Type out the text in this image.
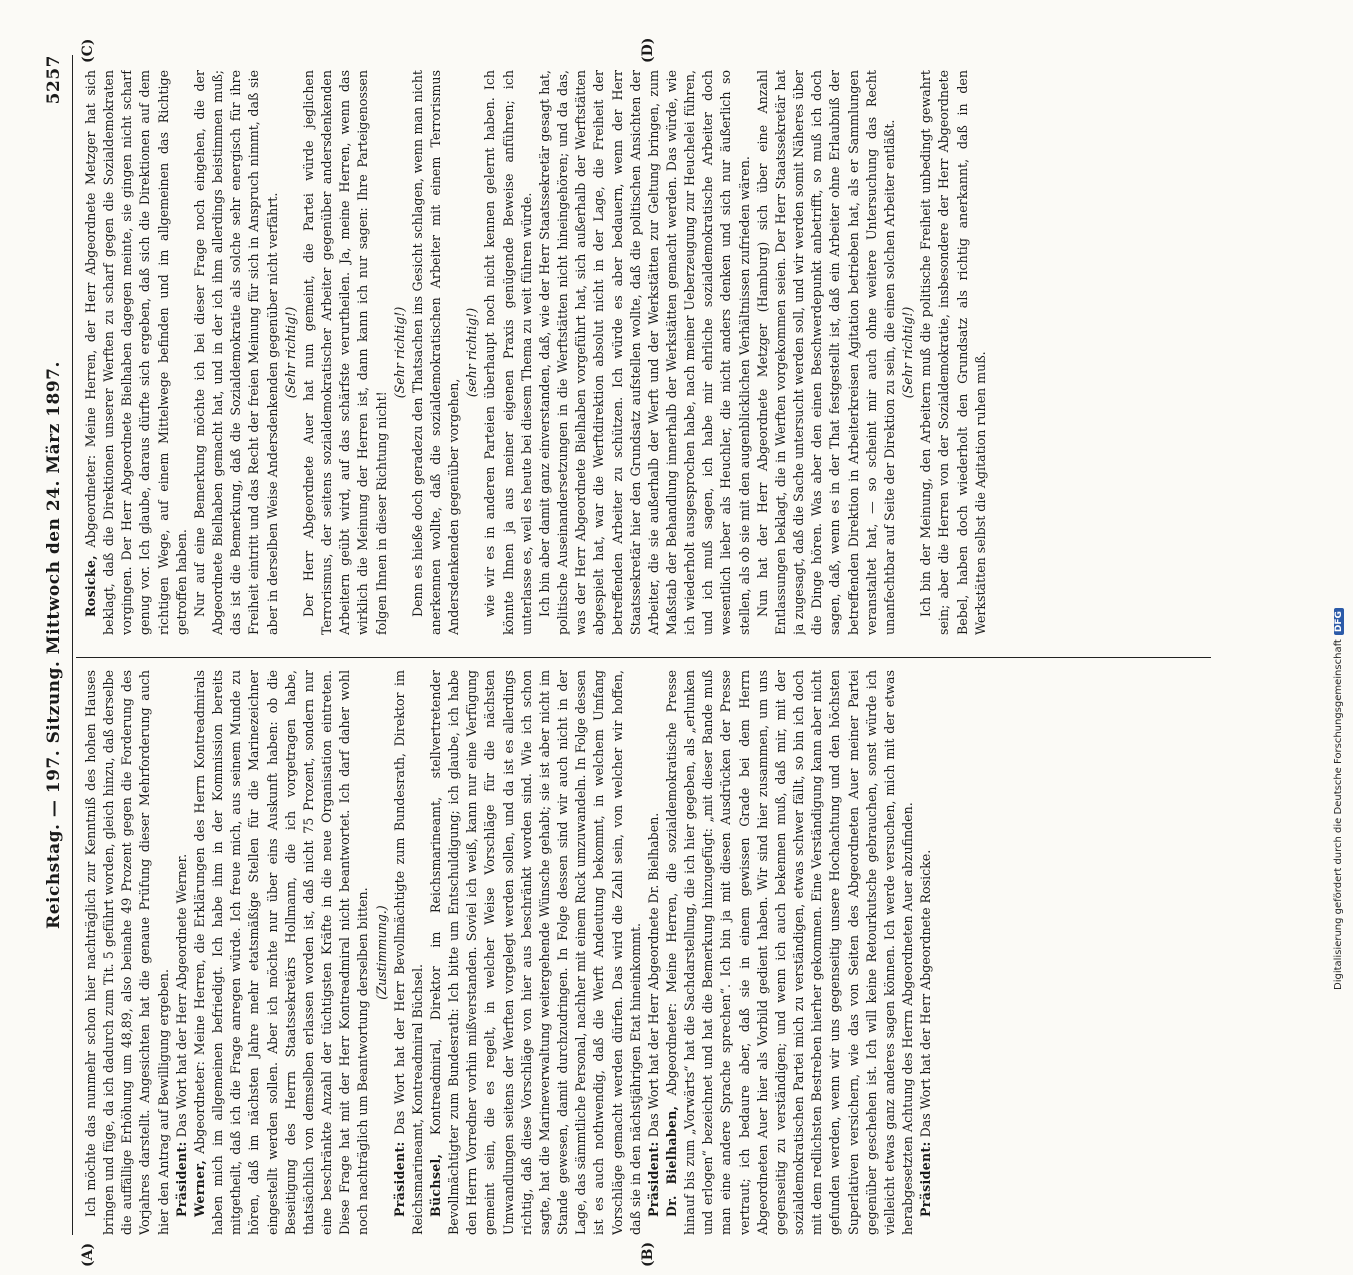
Reichstag. — 197. Sitzung. Mittwoch den 24. März 1897.
5257
(A)	(B)
(C)	(D)

Ich möchte das nunmehr schon hier nachträglich zur Kenntniß des hohen Hauses bringen und füge, da ich dadurch zum Tit. 5 geführt worden, gleich hinzu, daß derselbe die auffällige Erhöhung um 48,89, also beinahe 49 Prozent gegen die Forderung des Vorjahres darstellt. Angesichten hat die genaue Prüfung dieser Mehrforderung auch hier den Antrag auf Bewilligung ergeben. Präsident: Das Wort hat der Herr Abgeordnete Werner.

Werner, Abgeordneter: Meine Herren, die Erklärungen des Herrn Kontreadmirals haben mich im allgemeinen befriedigt. Ich habe ihm in der Kommission bereits mitgetheilt, daß ich die Frage anregen würde. Ich freue mich, aus seinem Munde zu hören, daß im nächsten Jahre mehr etatsmäßige Stellen für die Marinezeichner eingestellt werden sollen. Aber ich möchte nur über eins Auskunft haben: ob die Beseitigung des Herrn Staatssekretärs Hollmann, die ich vorgetragen habe, thatsächlich von demselben erlassen worden ist, daß nicht 75 Prozent, sondern nur eine beschränkte Anzahl der tüchtigsten Kräfte in die neue Organisation eintreten. Diese Frage hat mit der Herr Kontreadmiral nicht beantwortet. Ich darf daher wohl noch nachträglich um Beantwortung derselben bitten. (Zustimmung.)

Präsident: Das Wort hat der Herr Bevollmächtigte zum Bundesrath, Direktor im Reichsmarineamt, Kontreadmiral Büchsel. Büchsel, Kontreadmiral, Direktor im Reichsmarineamt, stellvertretender Bevollmächtigter zum Bundesrath: Ich bitte um Entschuldigung; ich glaube, ich habe den Herrn Vorredner vorhin mißverstanden. Soviel ich weiß, kann nur eine Verfügung gemeint sein, die es regelt, in welcher Weise Vorschläge für die nächsten Umwandlungen seitens der Werften vorgelegt werden sollen, und da ist es allerdings richtig, daß diese Vorschläge von hier aus beschränkt worden sind. Wie ich schon sagte, hat die Marineverwaltung weitergehende Wünsche gehabt; sie ist aber nicht im Stande gewesen, damit durchzudringen. In Folge dessen sind wir auch nicht in der Lage, das sämmtliche Personal, nachher mit einem Ruck umzuwandeln. In Folge dessen ist es auch nothwendig, daß die Werft Andeutung bekommt, in welchem Umfang Vorschläge gemacht werden dürfen. Das wird die Zahl sein, von welcher wir hoffen, daß sie in den nächstjährigen Etat hineinkommt. Präsident: Das Wort hat der Herr Abgeordnete Dr. Bielhaben.

Dr. Bielhaben, Abgeordneter: Meine Herren, die sozialdemokratische Presse hinauf bis zum „Vorwärts“ hat die Sachdarstellung, die ich hier gegeben, als „erlunken und erlogen“ bezeichnet und hat die Bemerkung hinzugefügt: „mit dieser Bande muß man eine andere Sprache sprechen“. Ich bin ja mit diesen Ausdrücken der Presse vertraut; ich bedaure aber, daß sie in einem gewissen Grade bei dem Herrn Abgeordneten Auer hier als Vorbild gedient haben. Wir sind hier zusammen, um uns gegenseitig zu verständigen; und wenn ich auch bekennen muß, daß mir, mit der sozialdemokratischen Partei mich zu verständigen, etwas schwer fällt, so bin ich doch mit dem redlichsten Bestreben hierher gekommen. Eine Verständigung kann aber nicht gefunden werden, wenn wir uns gegenseitig unsere Hochachtung und den höchsten Superlativen versichern, wie das von Seiten des Abgeordneten Auer meiner Partei gegenüber geschehen ist. Ich will keine Retourkutsche gebrauchen, sonst würde ich vielleicht etwas ganz anderes sagen können. Ich werde versuchen, mich mit der etwas herabgesetzten Achtung des Herrn Abgeordneten Auer abzufinden. Präsident: Das Wort hat der Herr Abgeordnete Rosicke.

Rosicke, Abgeordneter: Meine Herren, der Herr Abgeordnete Metzger hat sich beklagt, daß die Direktionen unserer Werften zu scharf gegen die Sozialdemokraten vorgingen. Der Herr Abgeordnete Bielhaben dagegen meinte, sie gingen nicht scharf genug vor. Ich glaube, daraus dürfte sich ergeben, daß sich die Direktionen auf dem richtigen Wege, auf einem Mittelwege befinden und im allgemeinen das Richtige getroffen haben. Nur auf eine Bemerkung möchte ich bei dieser Frage noch eingehen, die der Abgeordnete Bielhaben gemacht hat, und in der ich ihm allerdings beistimmen muß; das ist die Bemerkung, daß die Sozialdemokratie als solche sehr energisch für ihre Freiheit eintritt und das Recht der freien Meinung für sich in Anspruch nimmt, daß sie aber in derselben Weise Andersdenkenden gegenüber nicht verfährt. (Sehr richtig!) Der Herr Abgeordnete Auer hat nun gemeint, die Partei würde jeglichen Terrorismus, der seitens sozialdemokratischer Arbeiter gegenüber andersdenkenden Arbeitern geübt wird, auf das schärfste verurtheilen. Ja, meine Herren, wenn das wirklich die Meinung der Herren ist, dann kann ich nur sagen: Ihre Parteigenossen folgen Ihnen in dieser Richtung nicht!

(Sehr richtig!) Denn es hieße doch geradezu den Thatsachen ins Gesicht schlagen, wenn man nicht anerkennen wollte, daß die sozialdemokratischen Arbeiter mit einem Terrorismus Andersdenkenden gegenüber vorgehen,

(sehr richtig!) wie wir es in anderen Parteien überhaupt noch nicht kennen gelernt haben. Ich könnte Ihnen ja aus meiner eigenen Praxis genügende Beweise anführen; ich unterlasse es, weil es heute bei diesem Thema zu weit führen würde. Ich bin aber damit ganz einverstanden, daß, wie der Herr Staatssekretär gesagt hat, politische Auseinandersetzungen in die Werftstätten nicht hineingehören; und da das, was der Herr Abgeordnete Bielhaben vorgeführt hat, sich außerhalb der Werftstätten abgespielt hat, war die Werftdirektion absolut nicht in der Lage, die Freiheit der betreffenden Arbeiter zu schützen. Ich würde es aber bedauern, wenn der Herr Staatssekretär hier den Grundsatz aufstellen wollte, daß die politischen Ansichten der Arbeiter, die sie außerhalb der Werft und der Werkstätten zur Geltung bringen, zum Maßstab der Behandlung innerhalb der Werkstätten gemacht werden. Das würde, wie ich wiederholt ausgesprochen habe, nach meiner Ueberzeugung zur Heuchelei führen, und ich muß sagen, ich habe mir ehrliche sozialdemokratische Arbeiter doch wesentlich lieber als Heuchler, die nicht anders denken und sich nur äußerlich so stellen, als ob sie mit den augenblicklichen Verhältnissen zufrieden wären. Nun hat der Herr Abgeordnete Metzger (Hamburg) sich über eine Anzahl Entlassungen beklagt, die in Werften vorgekommen seien. Der Herr Staatssekretär hat ja zugesagt, daß die Sache untersucht werden soll, und wir werden somit Näheres über die Dinge hören. Was aber den einen Beschwerdepunkt anbetrifft, so muß ich doch sagen, daß, wenn es in der That festgestellt ist, daß ein Arbeiter ohne Erlaubniß der betreffenden Direktion in Arbeiterkreisen Agitation betrieben hat, als er Sammlungen veranstaltet hat, — so scheint mir auch ohne weitere Untersuchung das Recht unanfechtbar auf Seite der Direktion zu sein, die einen solchen Arbeiter entläßt. (Sehr richtig!) Ich bin der Meinung, den Arbeitern muß die politische Freiheit unbedingt gewahrt sein; aber die Herren von der Sozialdemokratie, insbesondere der Herr Abgeordnete Bebel, haben doch wiederholt den Grundsatz als richtig anerkannt, daß in den Werkstätten selbst die Agitation ruhen muß.

Digitalisierung gefördert durch die Deutsche ForschungsgemeinschaftDFG
